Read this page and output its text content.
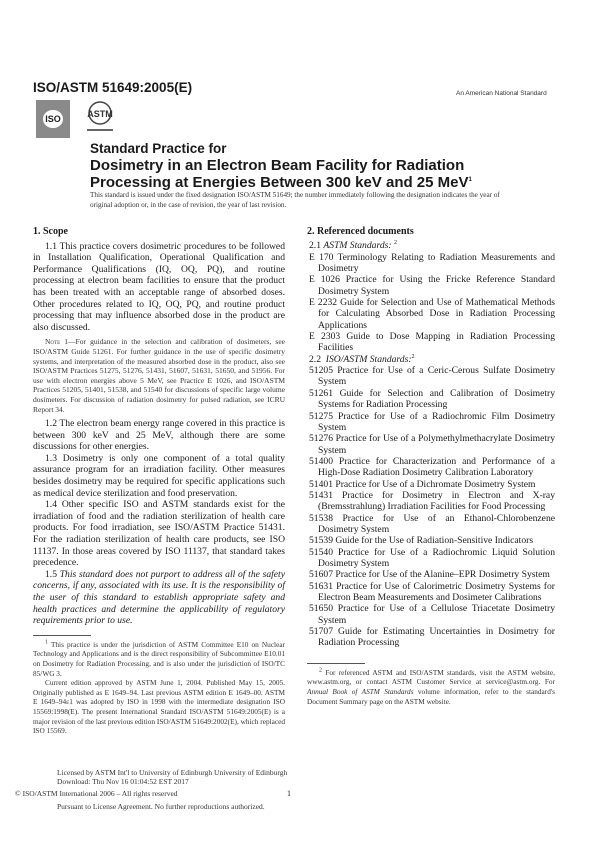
ISO/ASTM 51649:2005(E)	An American National Standard
ISO	ASTM
Standard Practice for
Dosimetry in an Electron Beam Facility for Radiation
Processing at Energies Between 300 keV and 25 MeV$^1$
This standard is issued under the fixed designation ISO/ASTM 51649; the number immediately following the designation indicates the year of original adoption or, in the case of revision, the year of last revision.
1. Scope

1.1 This practice covers dosimetric procedures to be followed in Installation Qualification, Operational Qualification and Performance Qualifications (IQ, OQ, PQ), and routine processing at electron beam facilities to ensure that the product has been treated with an acceptable range of absorbed doses. Other procedures related to IQ, OQ, PQ, and routine product processing that may influence absorbed dose in the product are also discussed.

Note 1—For guidance in the selection and calibration of dosimeters, see ISO/ASTM Guide 51261. For further guidance in the use of specific dosimetry systems, and interpretation of the measured absorbed dose in the product, also see ISO/ASTM Practices 51275, 51276, 51431, 51607, 51631, 51650, and 51956. For use with electron energies above 5 MeV, see Practice E 1026, and ISO/ASTM Practices 51205, 51401, 51538, and 51540 for discussions of specific large volume dosimeters. For discussion of radiation dosimetry for pulsed radiation, see ICRU Report 34.

1.2 The electron beam energy range covered in this practice is between 300 keV and 25 MeV, although there are some discussions for other energies.

1.3 Dosimetry is only one component of a total quality assurance program for an irradiation facility. Other measures besides dosimetry may be required for specific applications such as medical device sterilization and food preservation.

1.4 Other specific ISO and ASTM standards exist for the irradiation of food and the radiation sterilization of health care products. For food irradiation, see ISO/ASTM Practice 51431. For the radiation sterilization of health care products, see ISO 11137. In those areas covered by ISO 11137, that standard takes precedence.

1.5 This standard does not purport to address all of the safety concerns, if any, associated with its use. It is the responsibility of the user of this standard to establish appropriate safety and health practices and determine the applicability of regulatory requirements prior to use.

$^1$ This practice is under the jurisdiction of ASTM Committee E10 on Nuclear Technology and Applications and is the direct responsibility of Subcommittee E10.01 on Dosimetry for Radiation Processing, and is also under the jurisdiction of ISO/TC 85/WG 3.

Current edition approved by ASTM June 1, 2004. Published May 15, 2005. Originally published as E 1649–94. Last previous ASTM edition E 1649–00. ASTM E 1649–94ε1 was adopted by ISO in 1998 with the intermediate designation ISO 15569:1998(E). The present International Standard ISO/ASTM 51649:2005(E) is a major revision of the last previous edition ISO/ASTM 51649:2002(E), which replaced ISO 15569.

2. Referenced documents

2.1 ASTM Standards: $^2$

E 170 Terminology Relating to Radiation Measurements and Dosimetry

E 1026 Practice for Using the Fricke Reference Standard Dosimetry System

E 2232 Guide for Selection and Use of Mathematical Methods for Calculating Absorbed Dose in Radiation Processing Applications

E 2303 Guide to Dose Mapping in Radiation Processing Facilities

2.2 ISO/ASTM Standards:$^2$

51205 Practice for Use of a Ceric-Cerous Sulfate Dosimetry System

51261 Guide for Selection and Calibration of Dosimetry Systems for Radiation Processing

51275 Practice for Use of a Radiochromic Film Dosimetry System

51276 Practice for Use of a Polymethylmethacrylate Dosimetry System

51400 Practice for Characterization and Performance of a High-Dose Radiation Dosimetry Calibration Laboratory

51401 Practice for Use of a Dichromate Dosimetry System

51431 Practice for Dosimetry in Electron and X-ray (Bremsstrahlung) Irradiation Facilities for Food Processing

51538 Practice for Use of an Ethanol-Chlorobenzene Dosimetry System

51539 Guide for the Use of Radiation-Sensitive Indicators

51540 Practice for Use of a Radiochromic Liquid Solution Dosimetry System

51607 Practice for Use of the Alanine–EPR Dosimetry System

51631 Practice for Use of Calorimetric Dosimetry Systems for Electron Beam Measurements and Dosimeter Calibrations

51650 Practice for Use of a Cellulose Triacetate Dosimetry System

51707 Guide for Estimating Uncertainties in Dosimetry for Radiation Processing

$^2$ For referenced ASTM and ISO/ASTM standards, visit the ASTM website, www.astm.org, or contact ASTM Customer Service at service@astm.org. For Annual Book of ASTM Standards volume information, refer to the standard's Document Summary page on the ASTM website.

Licensed by ASTM Int'l to University of Edinburgh University of Edinburgh
Download: Thu Nov 16 01:04:52 EST 2017
© ISO/ASTM International 2006 – All rights reserved
Pursuant to License Agreement. No further reproductions authorized.
1
